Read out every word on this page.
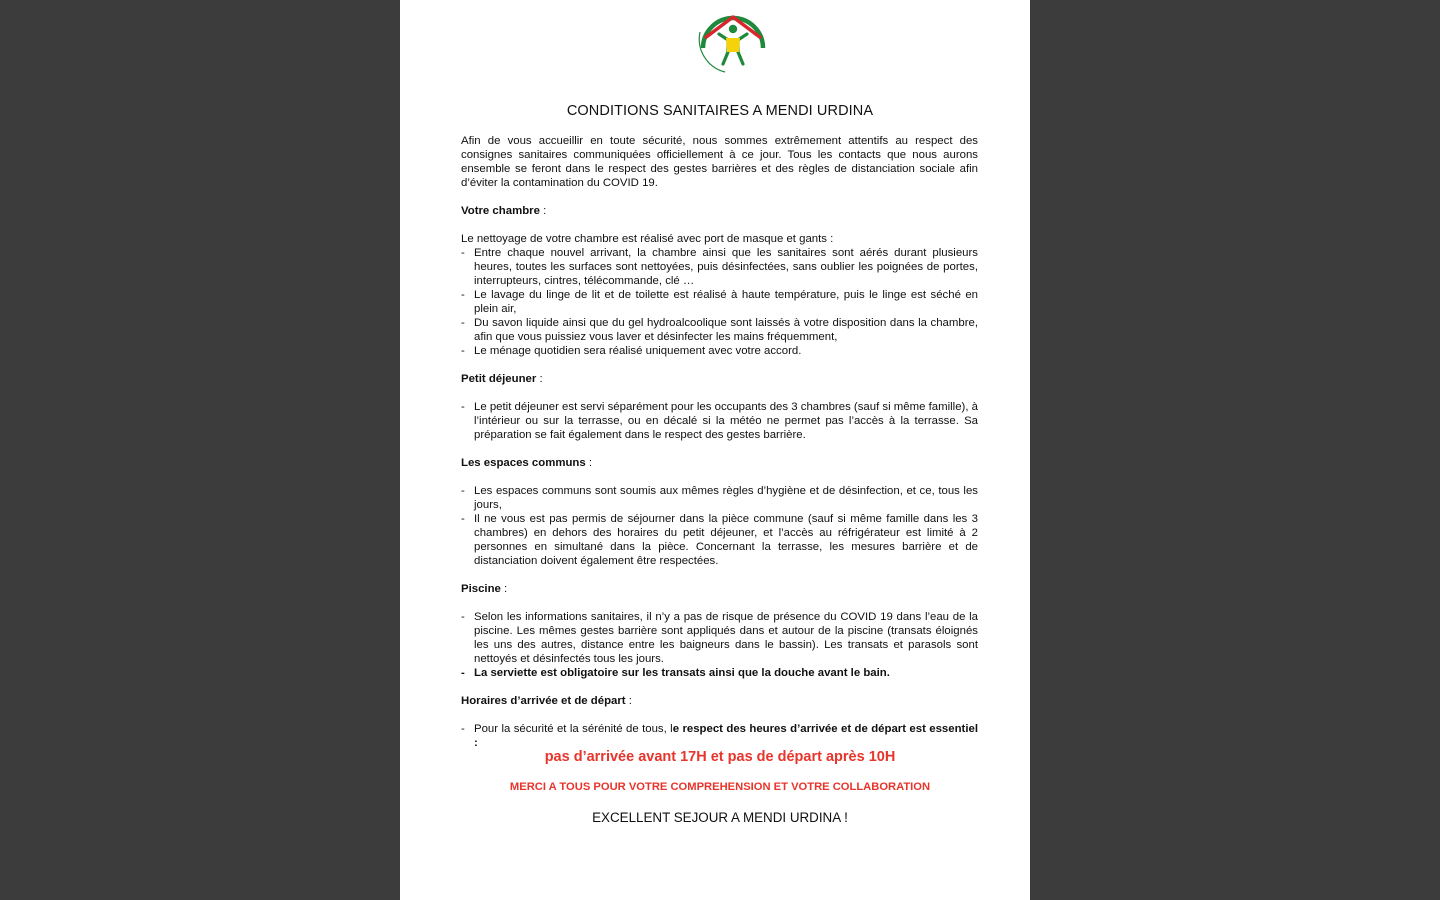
CONDITIONS SANITAIRES A MENDI URDINA

Afin de vous accueillir en toute sécurité, nous sommes extrêmement attentifs au respect des consignes sanitaires communiquées officiellement à ce jour. Tous les contacts que nous aurons ensemble se feront dans le respect des gestes barrières et des règles de distanciation sociale afin d’éviter la contamination du COVID 19.

Votre chambre :

Le nettoyage de votre chambre est réalisé avec port de masque et gants :

- Entre chaque nouvel arrivant, la chambre ainsi que les sanitaires sont aérés durant plusieurs heures, toutes les surfaces sont nettoyées, puis désinfectées, sans oublier les poignées de portes, interrupteurs, cintres, télécommande, clé …
- Le lavage du linge de lit et de toilette est réalisé à haute température, puis le linge est séché en plein air,
- Du savon liquide ainsi que du gel hydroalcoolique sont laissés à votre disposition dans la chambre, afin que vous puissiez vous laver et désinfecter les mains fréquemment,
- Le ménage quotidien sera réalisé uniquement avec votre accord.

Petit déjeuner :

- Le petit déjeuner est servi séparément pour les occupants des 3 chambres (sauf si même famille), à l’intérieur ou sur la terrasse, ou en décalé si la météo ne permet pas l’accès à la terrasse. Sa préparation se fait également dans le respect des gestes barrière.

Les espaces communs :

- Les espaces communs sont soumis aux mêmes règles d’hygiène et de désinfection, et ce, tous les jours,
- Il ne vous est pas permis de séjourner dans la pièce commune (sauf si même famille dans les 3 chambres) en dehors des horaires du petit déjeuner, et l’accès au réfrigérateur est limité à 2 personnes en simultané dans la pièce. Concernant la terrasse, les mesures barrière et de distanciation doivent également être respectées.

Piscine :

- Selon les informations sanitaires, il n’y a pas de risque de présence du COVID 19 dans l’eau de la piscine. Les mêmes gestes barrière sont appliqués dans et autour de la piscine (transats éloignés les uns des autres, distance entre les baigneurs dans le bassin). Les transats et parasols sont nettoyés et désinfectés tous les jours.
- La serviette est obligatoire sur les transats ainsi que la douche avant le bain.

Horaires d’arrivée et de départ :

- Pour la sécurité et la sérénité de tous, le respect des heures d’arrivée et de départ est essentiel :
pas d’arrivée avant 17H et pas de départ après 10H
MERCI A TOUS POUR VOTRE COMPREHENSION ET VOTRE COLLABORATION
EXCELLENT SEJOUR A MENDI URDINA !
